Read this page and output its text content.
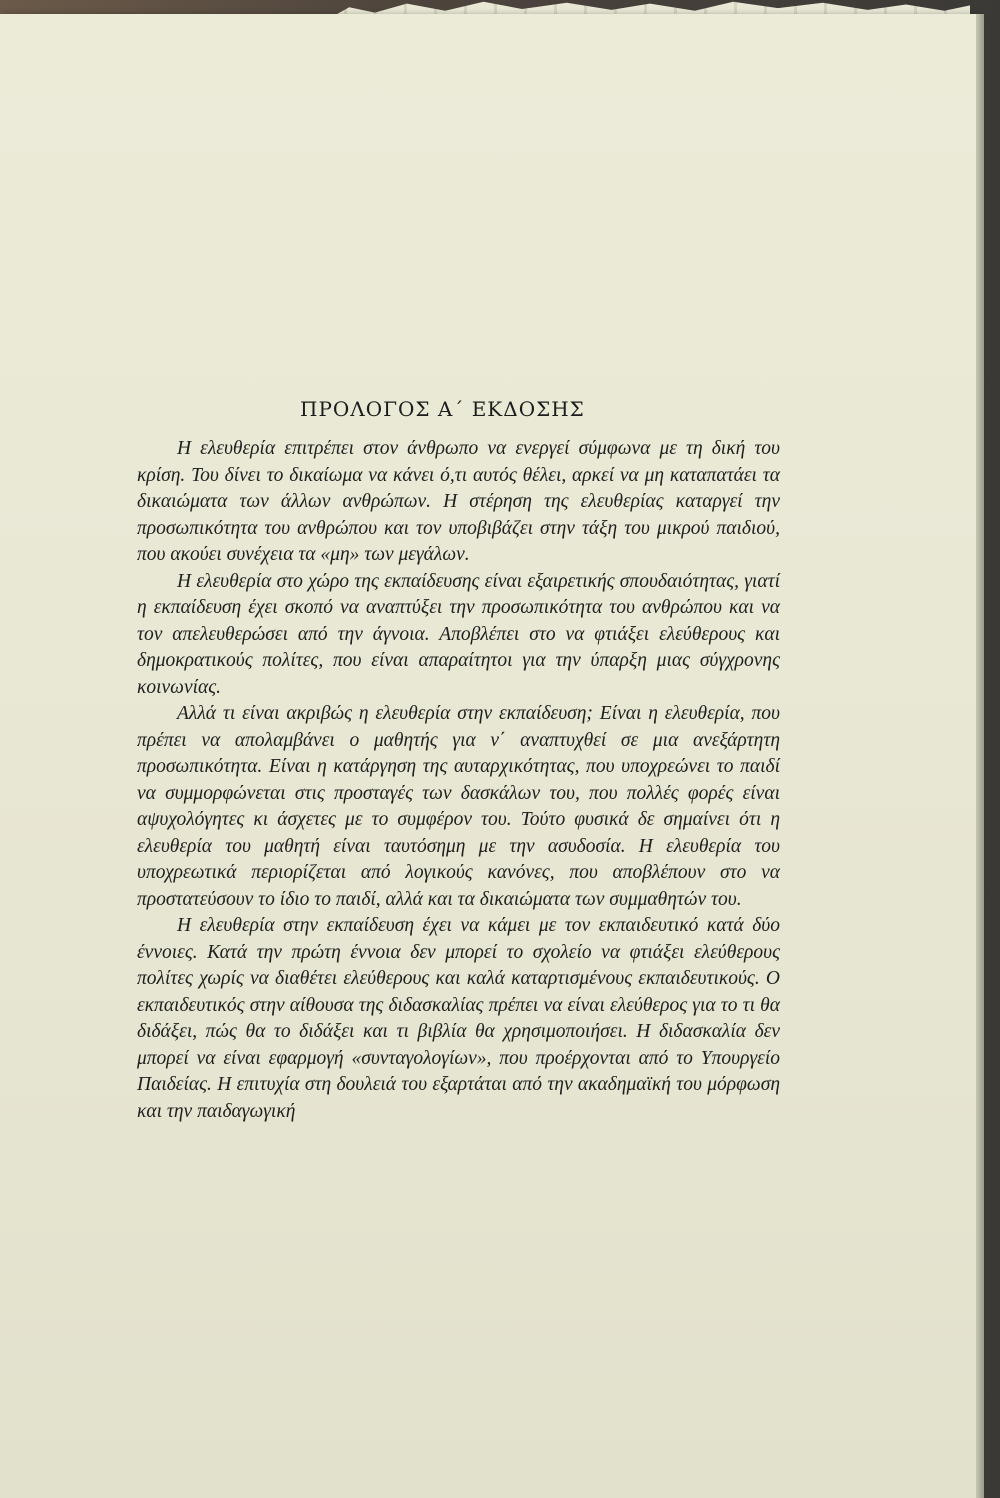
ΠΡΟΛΟΓΟΣ Α΄ ΕΚΔΟΣΗΣ

Η ελευθερία επιτρέπει στον άνθρωπο να ενεργεί σύμφωνα με τη δική του κρίση. Του δίνει το δικαίωμα να κάνει ό,τι αυτός θέλει, αρκεί να μη καταπατάει τα δικαιώματα των άλλων ανθρώπων. Η στέρηση της ελευθερίας καταργεί την προσωπικότητα του ανθρώπου και τον υποβιβάζει στην τάξη του μικρού παιδιού, που ακούει συνέχεια τα «μη» των μεγάλων.

Η ελευθερία στο χώρο της εκπαίδευσης είναι εξαιρετικής σπουδαιότητας, γιατί η εκπαίδευση έχει σκοπό να αναπτύξει την προσωπικότητα του ανθρώπου και να τον απελευθερώσει από την άγνοια. Αποβλέπει στο να φτιάξει ελεύθερους και δημοκρατικούς πολίτες, που είναι απαραίτητοι για την ύπαρξη μιας σύγχρονης κοινωνίας.

Αλλά τι είναι ακριβώς η ελευθερία στην εκπαίδευση; Είναι η ελευθερία, που πρέπει να απολαμβάνει ο μαθητής για ν΄ αναπτυχθεί σε μια ανεξάρτητη προσωπικότητα. Είναι η κατάργηση της αυταρχικότητας, που υποχρεώνει το παιδί να συμμορφώνεται στις προσταγές των δασκάλων του, που πολλές φορές είναι αψυχολόγητες κι άσχετες με το συμφέρον του. Τούτο φυσικά δε σημαίνει ότι η ελευθερία του μαθητή είναι ταυτόσημη με την ασυδοσία. Η ελευθερία του υποχρεωτικά περιορίζεται από λογικούς κανόνες, που αποβλέπουν στο να προστατεύσουν το ίδιο το παιδί, αλλά και τα δικαιώματα των συμμαθητών του.

Η ελευθερία στην εκπαίδευση έχει να κάμει με τον εκπαιδευτικό κατά δύο έννοιες. Κατά την πρώτη έννοια δεν μπορεί το σχολείο να φτιάξει ελεύθερους πολίτες χωρίς να διαθέτει ελεύθερους και καλά καταρτισμένους εκπαιδευτικούς. Ο εκπαιδευτικός στην αίθουσα της διδασκαλίας πρέπει να είναι ελεύθερος για το τι θα διδάξει, πώς θα το διδάξει και τι βιβλία θα χρησιμοποιήσει. Η διδασκαλία δεν μπορεί να είναι εφαρμογή «συνταγολογίων», που προέρχονται από το Υπουργείο Παιδείας. Η επιτυχία στη δουλειά του εξαρτάται από την ακαδημαϊκή του μόρφωση και την παιδαγωγική
